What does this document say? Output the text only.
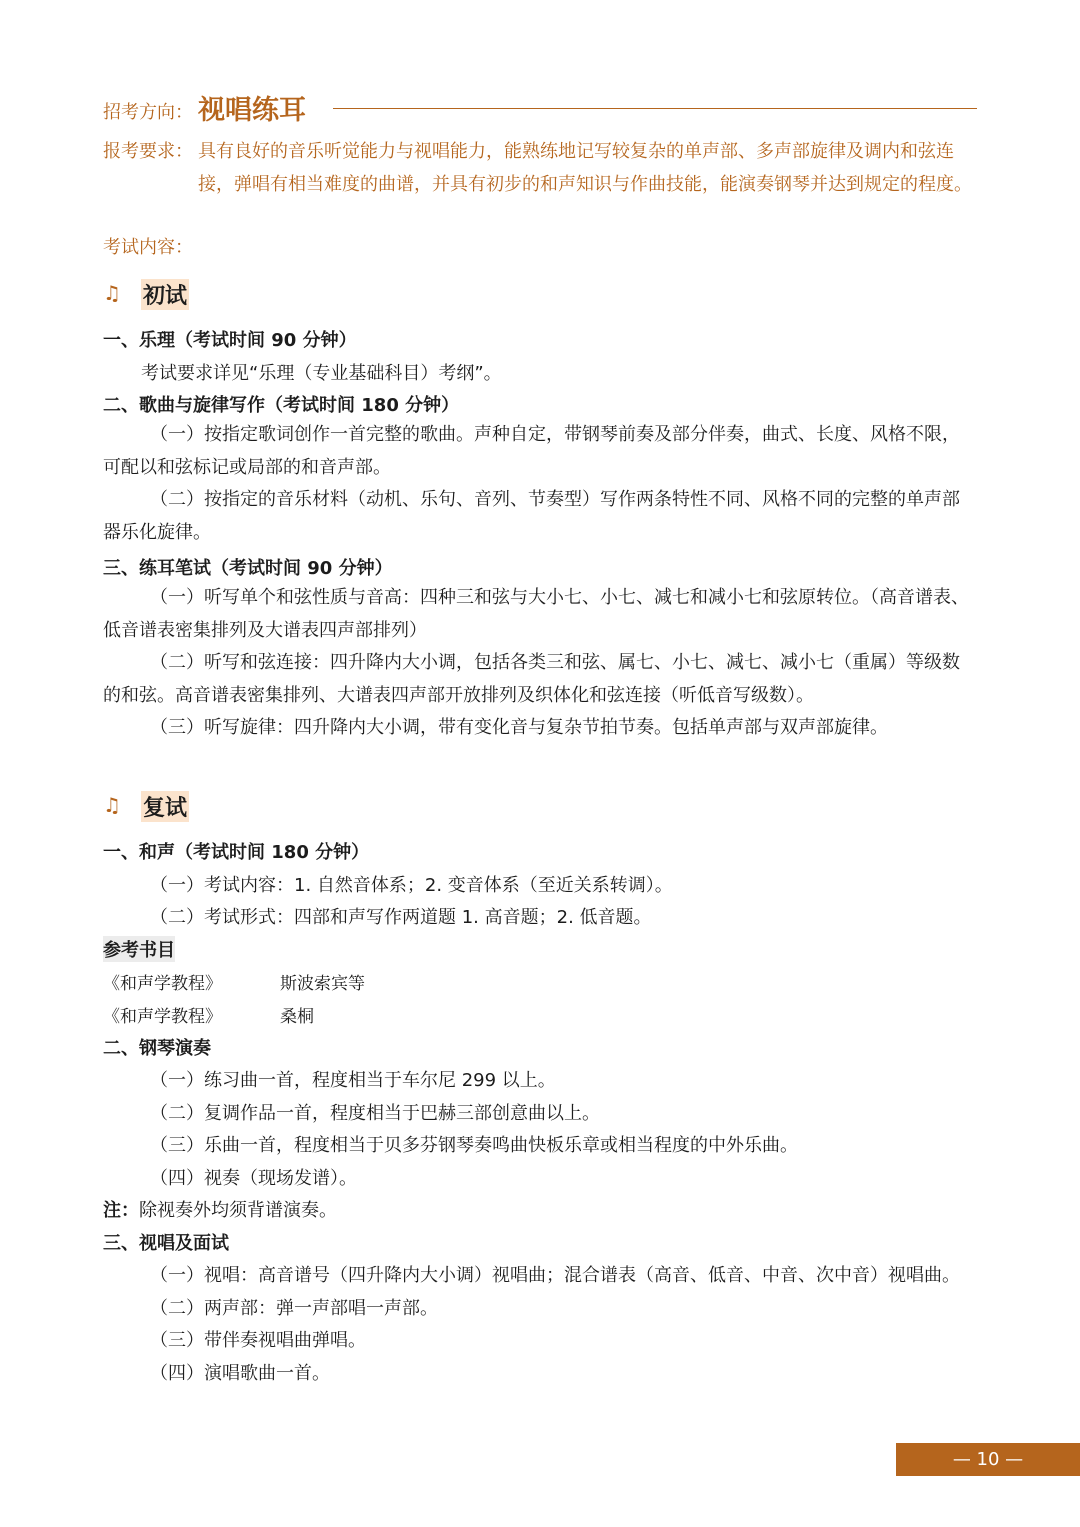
招考方向： 视唱练耳
报考要求： 具有良好的音乐听觉能力与视唱能力，能熟练地记写较复杂的单声部、多声部旋律及调内和弦连接，弹唱有相当难度的曲谱，并具有初步的和声知识与作曲技能，能演奏钢琴并达到规定的程度。
考试内容：
♫ 初试
一、乐理（考试时间 90 分钟）
考试要求详见“乐理（专业基础科目）考纲”。
二、歌曲与旋律写作（考试时间 180 分钟）
（一）按指定歌词创作一首完整的歌曲。声种自定，带钢琴前奏及部分伴奏，曲式、长度、风格不限，可配以和弦标记或局部的和音声部。
（二）按指定的音乐材料（动机、乐句、音列、节奏型）写作两条特性不同、风格不同的完整的单声部器乐化旋律。
三、练耳笔试（考试时间 90 分钟）
（一）听写单个和弦性质与音高：四种三和弦与大小七、小七、减七和减小七和弦原转位。（高音谱表、低音谱表密集排列及大谱表四声部排列）
（二）听写和弦连接：四升降内大小调，包括各类三和弦、属七、小七、减七、减小七（重属）等级数的和弦。高音谱表密集排列、大谱表四声部开放排列及织体化和弦连接（听低音写级数）。
（三）听写旋律：四升降内大小调，带有变化音与复杂节拍节奏。包括单声部与双声部旋律。
♫ 复试
一、和声（考试时间 180 分钟）
（一）考试内容：1. 自然音体系；2. 变音体系（至近关系转调）。
（二）考试形式：四部和声写作两道题 1. 高音题；2. 低音题。
参考书目
《和声学教程》	斯波索宾等
《和声学教程》	桑桐
二、钢琴演奏
（一）练习曲一首，程度相当于车尔尼 299 以上。
（二）复调作品一首，程度相当于巴赫三部创意曲以上。
（三）乐曲一首，程度相当于贝多芬钢琴奏鸣曲快板乐章或相当程度的中外乐曲。
（四）视奏（现场发谱）。
注：除视奏外均须背谱演奏。
三、视唱及面试
（一）视唱：高音谱号（四升降内大小调）视唱曲；混合谱表（高音、低音、中音、次中音）视唱曲。
（二）两声部：弹一声部唱一声部。
（三）带伴奏视唱曲弹唱。
（四）演唱歌曲一首。
— 10 —
